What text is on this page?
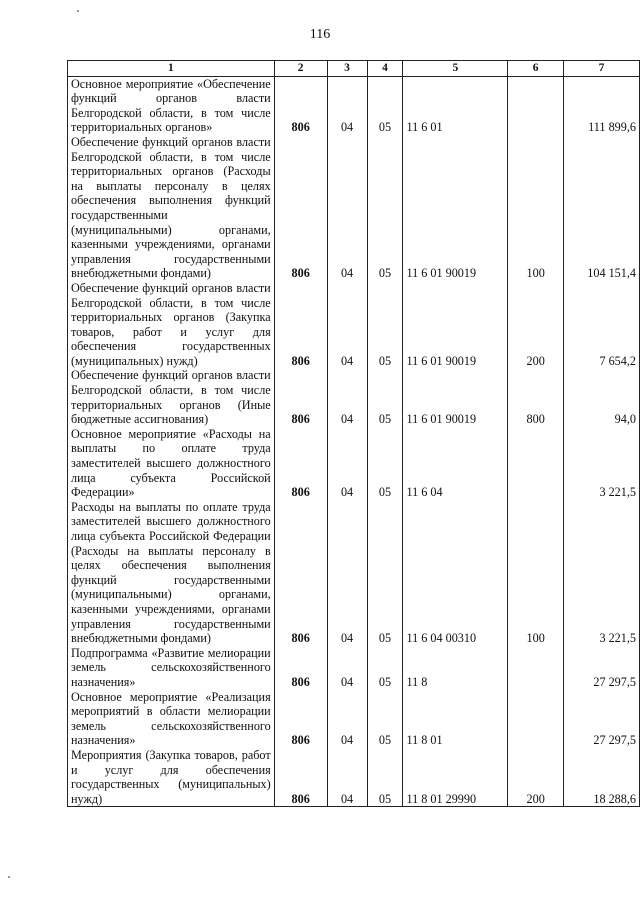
116
1	2	3	4	5	6	7
Основное мероприятие «Обеспечение функций органов власти Белгородской области, в том числе территориальных органов»	806	04	05	11 6 01		111 899,6
Обеспечение функций органов власти Белгородской области, в том числе территориальных органов (Расходы на выплаты персоналу в целях обеспечения выполнения функций государственными (муниципальными) органами, казенными учреждениями, органами управления государственными внебюджетными фондами)	806	04	05	11 6 01 90019	100	104 151,4
Обеспечение функций органов власти Белгородской области, в том числе территориальных органов (Закупка товаров, работ и услуг для обеспечения государственных (муниципальных) нужд)	806	04	05	11 6 01 90019	200	7 654,2
Обеспечение функций органов власти Белгородской области, в том числе территориальных органов (Иные бюджетные ассигнования)	806	04	05	11 6 01 90019	800	94,0
Основное мероприятие «Расходы на выплаты по оплате труда заместителей высшего должностного лица субъекта Российской Федерации»	806	04	05	11 6 04		3 221,5
Расходы на выплаты по оплате труда заместителей высшего должностного лица субъекта Российской Федерации (Расходы на выплаты персоналу в целях обеспечения выполнения функций государственными (муниципальными) органами, казенными учреждениями, органами управления государственными внебюджетными фондами)	806	04	05	11 6 04 00310	100	3 221,5
Подпрограмма «Развитие мелиорации земель сельскохозяйственного назначения»	806	04	05	11 8		27 297,5
Основное мероприятие «Реализация мероприятий в области мелиорации земель сельскохозяйственного назначения»	806	04	05	11 8 01		27 297,5
Мероприятия (Закупка товаров, работ и услуг для обеспечения государственных (муниципальных) нужд)	806	04	05	11 8 01 29990	200	18 288,6
